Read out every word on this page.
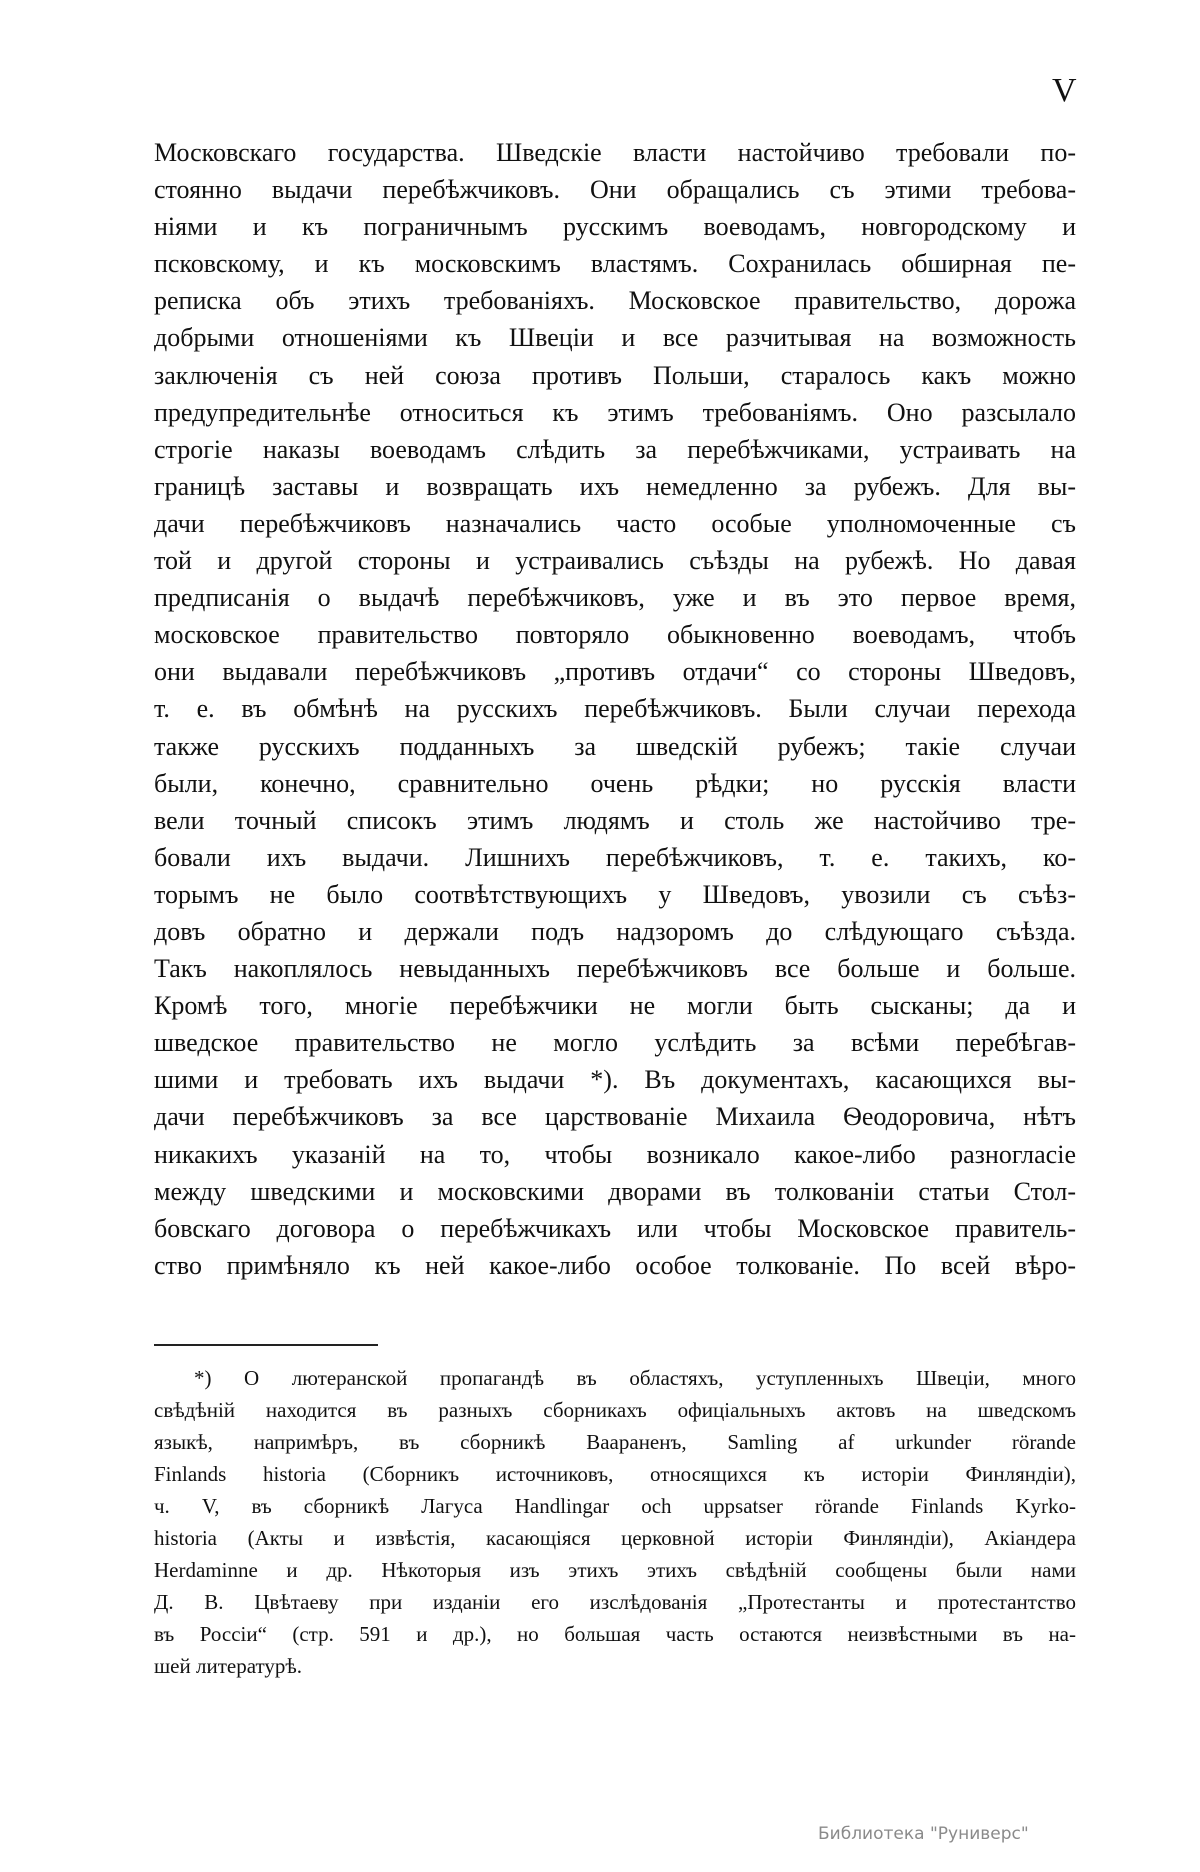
V
Московскаго государства. Шведскіе власти настойчиво требовали по-
стоянно выдачи перебѣжчиковъ. Они обращались съ этими требова-
ніями и къ пограничнымъ русскимъ воеводамъ, новгородскому и
псковскому, и къ московскимъ властямъ. Сохранилась обширная пе-
реписка объ этихъ требованіяхъ. Московское правительство, дорожа
добрыми отношеніями къ Швеціи и все разчитывая на возможность
заключенія съ ней союза противъ Польши, старалось какъ можно
предупредительнѣе относиться къ этимъ требованіямъ. Оно разсылало
строгіе наказы воеводамъ слѣдить за перебѣжчиками, устраивать на
границѣ заставы и возвращать ихъ немедленно за рубежъ. Для вы-
дачи перебѣжчиковъ назначались часто особые уполномоченные съ
той и другой стороны и устраивались съѣзды на рубежѣ. Но давая
предписанія о выдачѣ перебѣжчиковъ, уже и въ это первое время,
московское правительство повторяло обыкновенно воеводамъ, чтобъ
они выдавали перебѣжчиковъ „противъ отдачи“ со стороны Шведовъ,
т. е. въ обмѣнѣ на русскихъ перебѣжчиковъ. Были случаи перехода
также русскихъ подданныхъ за шведскій рубежъ; такіе случаи
были, конечно, сравнительно очень рѣдки; но русскія власти
вели точный списокъ этимъ людямъ и столь же настойчиво тре-
бовали ихъ выдачи. Лишнихъ перебѣжчиковъ, т. е. такихъ, ко-
торымъ не было соотвѣтствующихъ у Шведовъ, увозили съ съѣз-
довъ обратно и держали подъ надзоромъ до слѣдующаго съѣзда.
Такъ накоплялось невыданныхъ перебѣжчиковъ все больше и больше.
Кромѣ того, многіе перебѣжчики не могли быть сысканы; да и
шведское правительство не могло услѣдить за всѣми перебѣгав-
шими и требовать ихъ выдачи *). Въ документахъ, касающихся вы-
дачи перебѣжчиковъ за все царствованіе Михаила Ѳеодоровича, нѣтъ
никакихъ указаній на то, чтобы возникало какое-либо разногласіе
между шведскими и московскими дворами въ толкованіи статьи Стол-
бовскаго договора о перебѣжчикахъ или чтобы Московское правитель-
ство примѣняло къ ней какое-либо особое толкованіе. По всей вѣро-
*) О лютеранской пропагандѣ въ областяхъ, уступленныхъ Швеціи, много
свѣдѣній находится въ разныхъ сборникахъ офиціальныхъ актовъ на шведскомъ
языкѣ, напримѣръ, въ сборникѣ Ваараненъ, Samling af urkunder rörande
Finlands historia (Сборникъ источниковъ, относящихся къ исторіи Финляндіи),
ч. V, въ сборникѣ Лагуса Handlingar och uppsatser rörande Finlands Kyrko-
historia (Акты и извѣстія, касающіяся церковной исторіи Финляндіи), Акіандера
Herdaminne и др. Нѣкоторыя изъ этихъ этихъ свѣдѣній сообщены были нами
Д. В. Цвѣтаеву при изданіи его изслѣдованія „Протестанты и протестантство
въ Россіи“ (стр. 591 и др.), но большая часть остаются неизвѣстными въ на-
шей литературѣ.
Библиотека "Руниверс"
